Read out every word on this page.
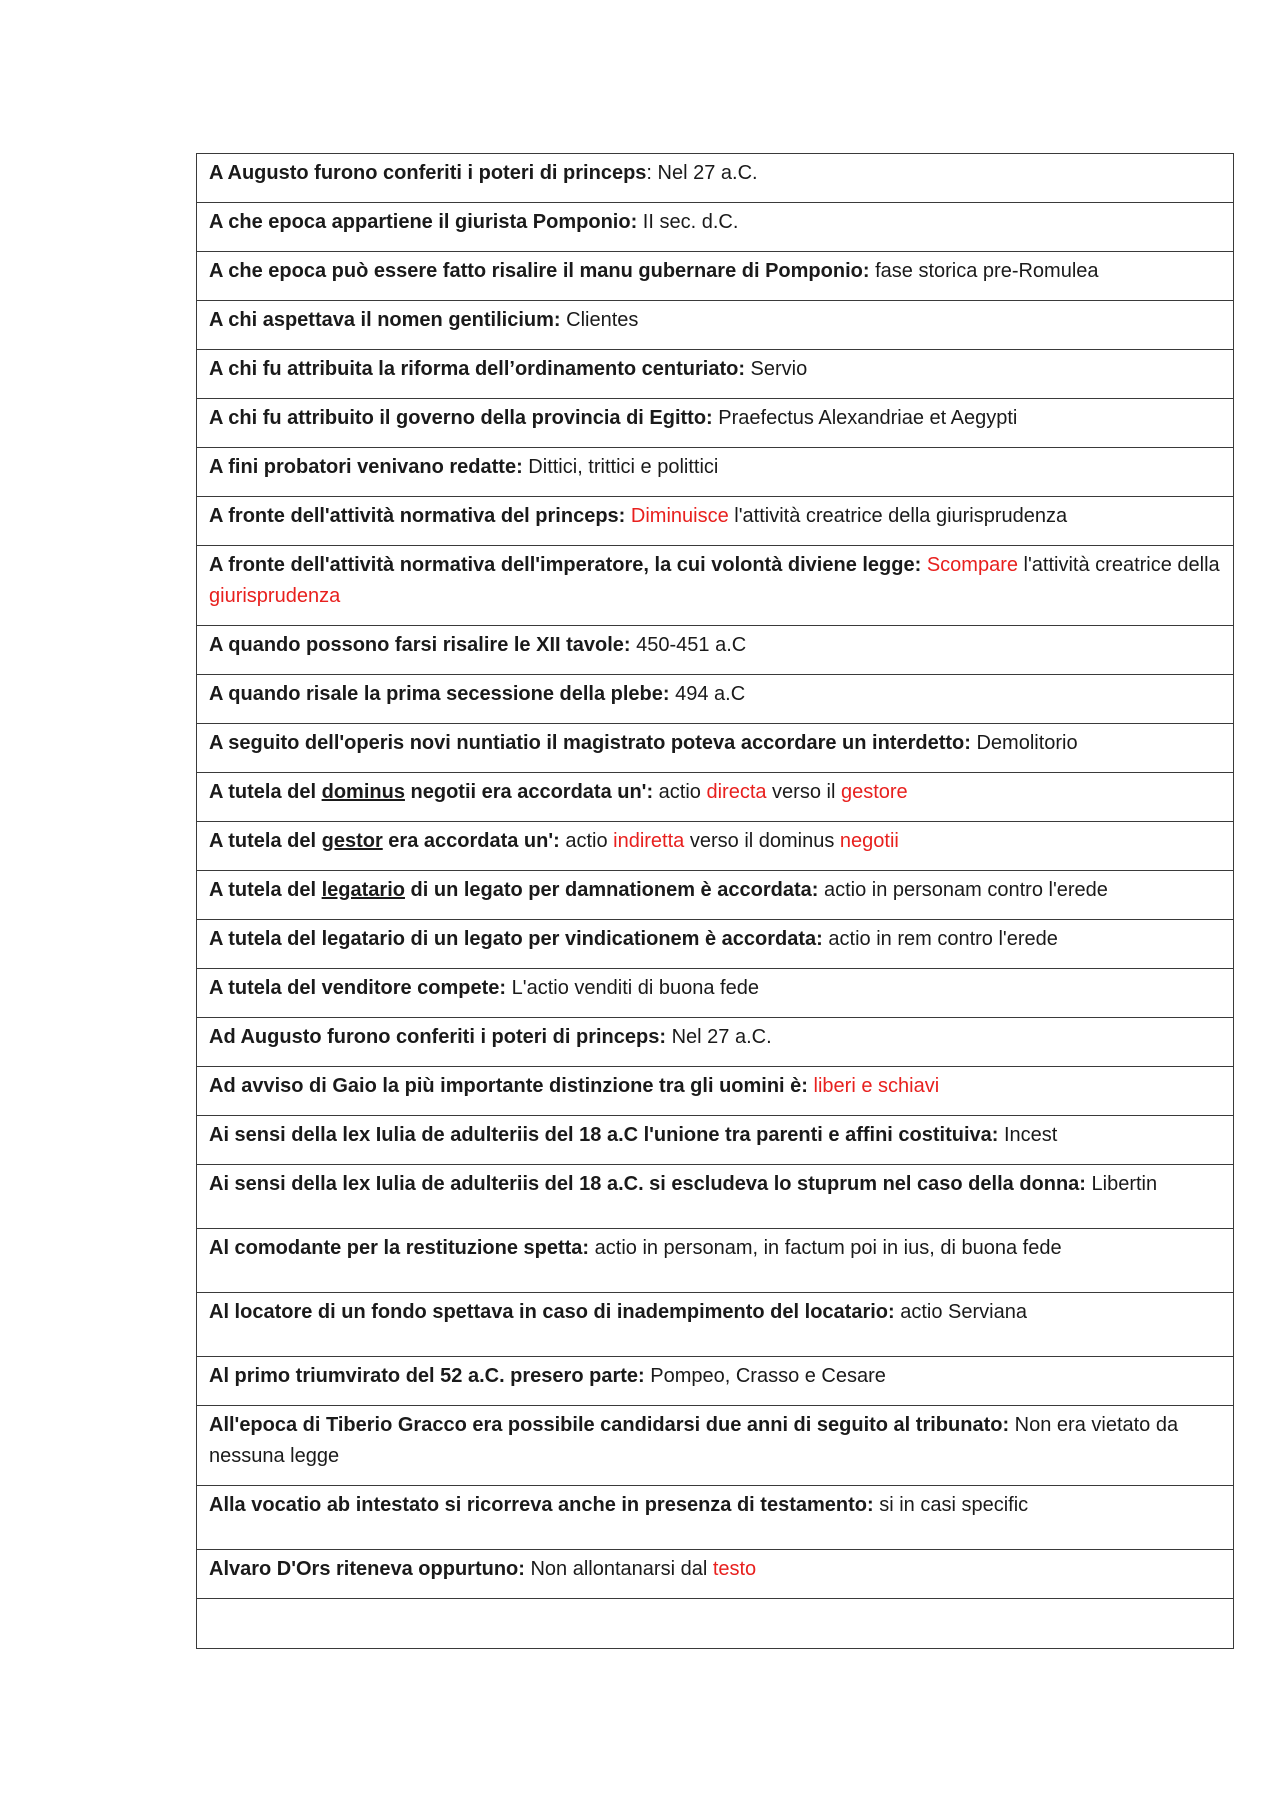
A Augusto furono conferiti i poteri di princeps: Nel 27 a.C.
A che epoca appartiene il giurista Pomponio: II sec. d.C.
A che epoca può essere fatto risalire il manu gubernare di Pomponio: fase storica pre-Romulea
A chi aspettava il nomen gentilicium: Clientes
A chi fu attribuita la riforma dell’ordinamento centuriato: Servio
A chi fu attribuito il governo della provincia di Egitto: Praefectus Alexandriae et Aegypti
A fini probatori venivano redatte: Dittici, trittici e polittici
A fronte dell'attività normativa del princeps: Diminuisce l'attività creatrice della giurisprudenza
A fronte dell'attività normativa dell'imperatore, la cui volontà diviene legge: Scompare l'attività creatrice della giurisprudenza
A quando possono farsi risalire le XII tavole: 450-451 a.C
A quando risale la prima secessione della plebe: 494 a.C
A seguito dell'operis novi nuntiatio il magistrato poteva accordare un interdetto: Demolitorio
A tutela del dominus negotii era accordata un': actio directa verso il gestore
A tutela del gestor era accordata un': actio indiretta verso il dominus negotii
A tutela del legatario di un legato per damnationem è accordata: actio in personam contro l'erede
A tutela del legatario di un legato per vindicationem è accordata: actio in rem contro l'erede
A tutela del venditore compete: L'actio venditi di buona fede
Ad Augusto furono conferiti i poteri di princeps: Nel 27 a.C.
Ad avviso di Gaio la più importante distinzione tra gli uomini è: liberi e schiavi
Ai sensi della lex Iulia de adulteriis del 18 a.C l'unione tra parenti e affini costituiva: Incest
Ai sensi della lex Iulia de adulteriis del 18 a.C. si escludeva lo stuprum nel caso della donna: Libertin
Al comodante per la restituzione spetta: actio in personam, in factum poi in ius, di buona fede
Al locatore di un fondo spettava in caso di inadempimento del locatario: actio Serviana
Al primo triumvirato del 52 a.C. presero parte: Pompeo, Crasso e Cesare
All'epoca di Tiberio Gracco era possibile candidarsi due anni di seguito al tribunato: Non era vietato da nessuna legge
Alla vocatio ab intestato si ricorreva anche in presenza di testamento: si in casi specific
Alvaro D'Ors riteneva oppurtuno: Non allontanarsi dal testo
